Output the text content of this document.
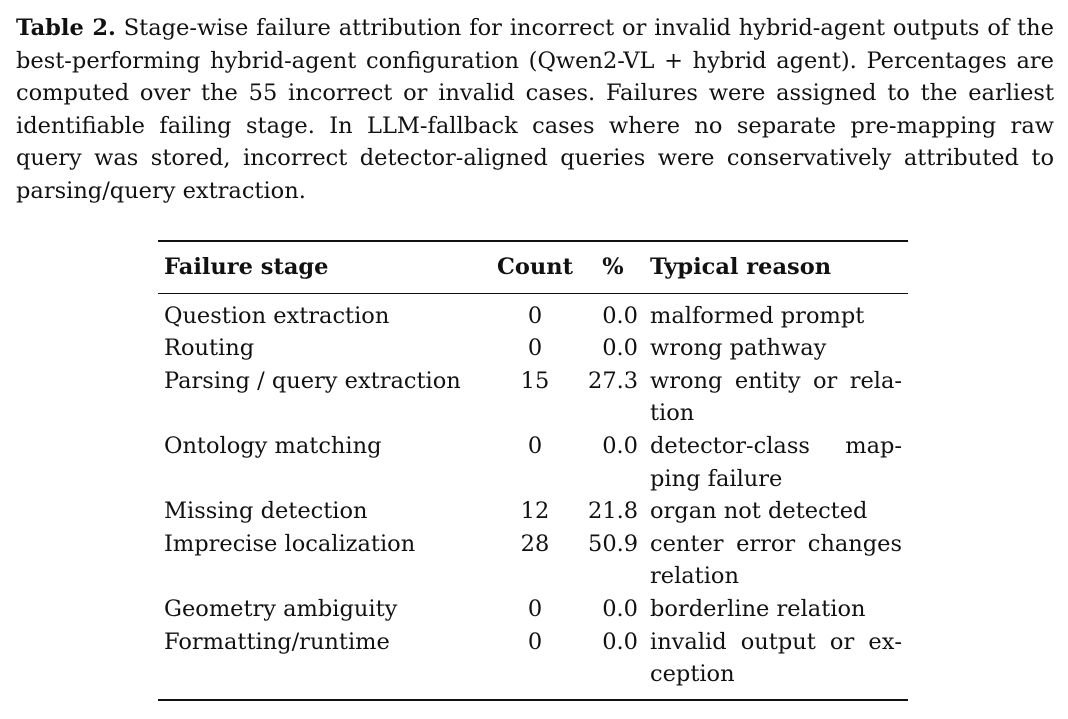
Table 2. Stage-wise failure attribution for incorrect or invalid hybrid-agent outputs of the best-performing hybrid-agent configuration (Qwen2-VL + hybrid agent). Percentages are computed over the 55 incorrect or invalid cases. Failures were assigned to the earliest identifiable failing stage. In LLM-fallback cases where no separate pre-mapping raw query was stored, incorrect detector-aligned queries were conservatively attributed to parsing/query extraction.
Failure stage	Count	%	Typical reason
Question extraction	0	0.0	malformed prompt
Routing	0	0.0	wrong pathway
Parsing / query extraction	15	27.3	wrong entity or relation
Ontology matching	0	0.0	detector-class mapping failure
Missing detection	12	21.8	organ not detected
Imprecise localization	28	50.9	center error changes relation
Geometry ambiguity	0	0.0	borderline relation
Formatting/runtime	0	0.0	invalid output or exception
